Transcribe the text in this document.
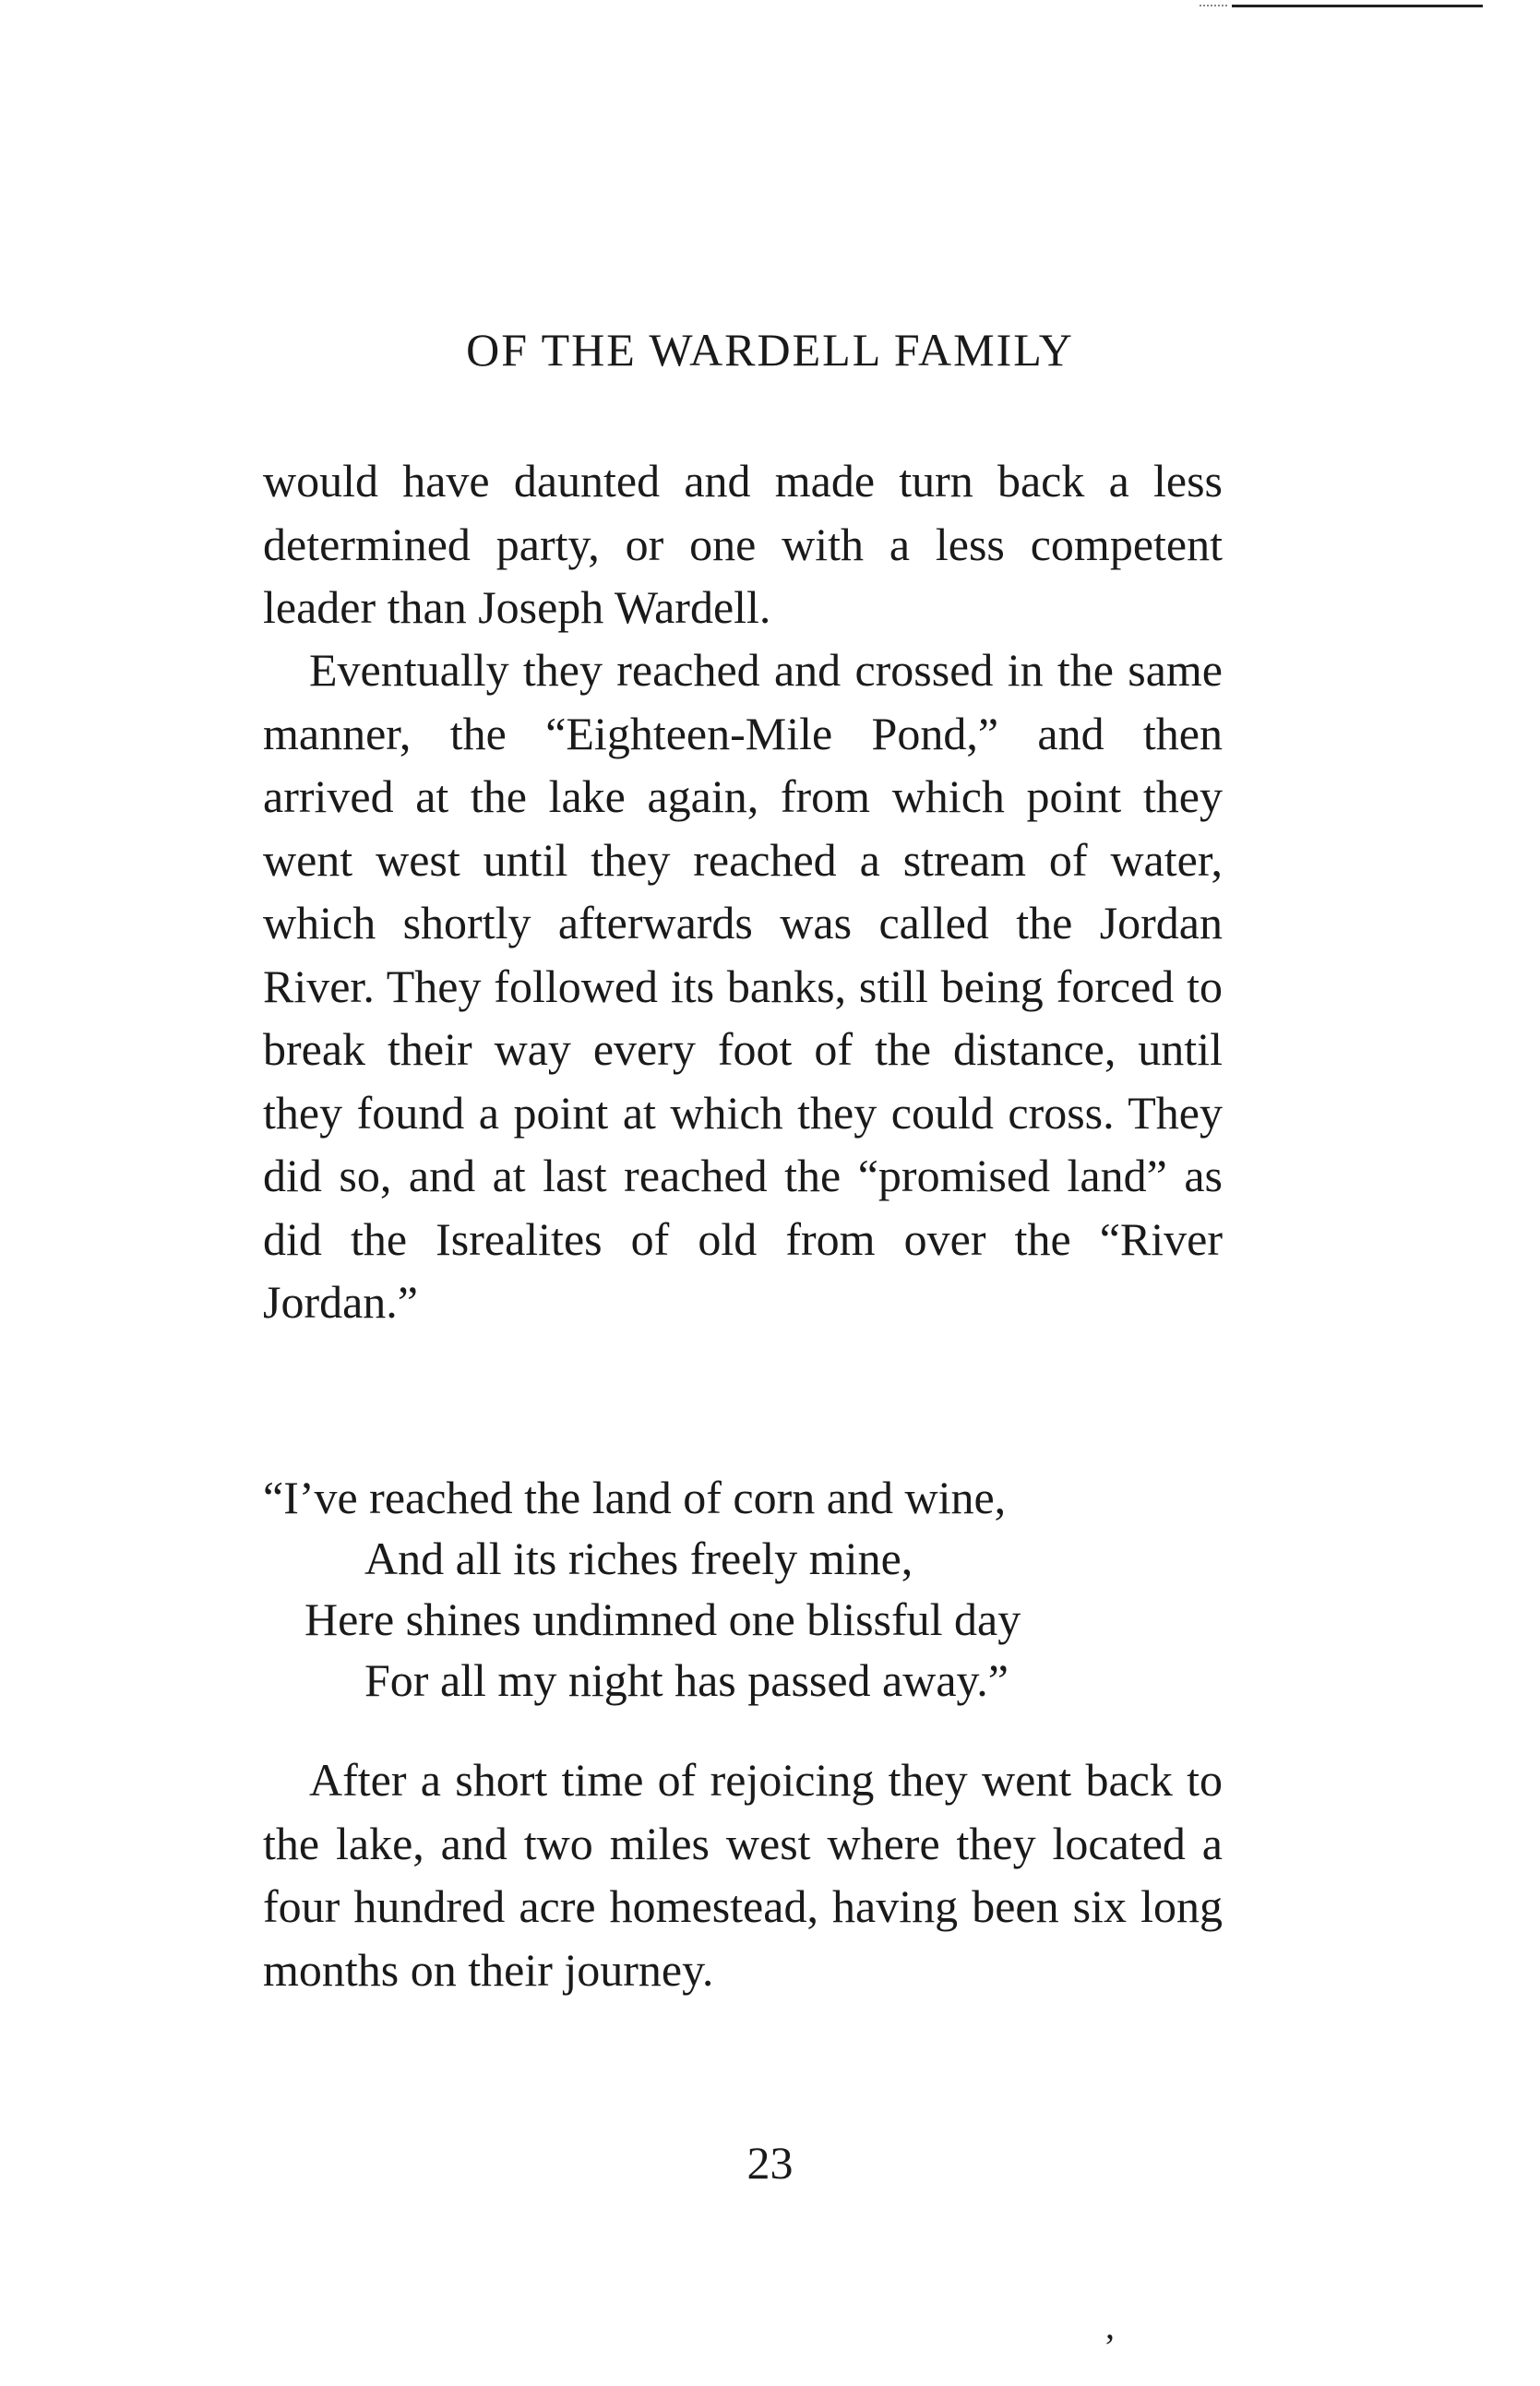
OF THE WARDELL FAMILY

would have daunted and made turn back a less determined party, or one with a less competent leader than Joseph Wardell.

Eventually they reached and crossed in the same manner, the “Eighteen-Mile Pond,” and then arrived at the lake again, from which point they went west until they reached a stream of water, which shortly afterwards was called the Jordan River. They followed its banks, still being forced to break their way every foot of the distance, until they found a point at which they could cross. They did so, and at last reached the “promised land” as did the Isrealites of old from over the “River Jordan.”

“I’ve reached the land of corn and wine,
And all its riches freely mine,
Here shines undimned one blissful day
For all my night has passed away.”

After a short time of rejoicing they went back to the lake, and two miles west where they located a four hundred acre homestead, having been six long months on their journey.

23
’
